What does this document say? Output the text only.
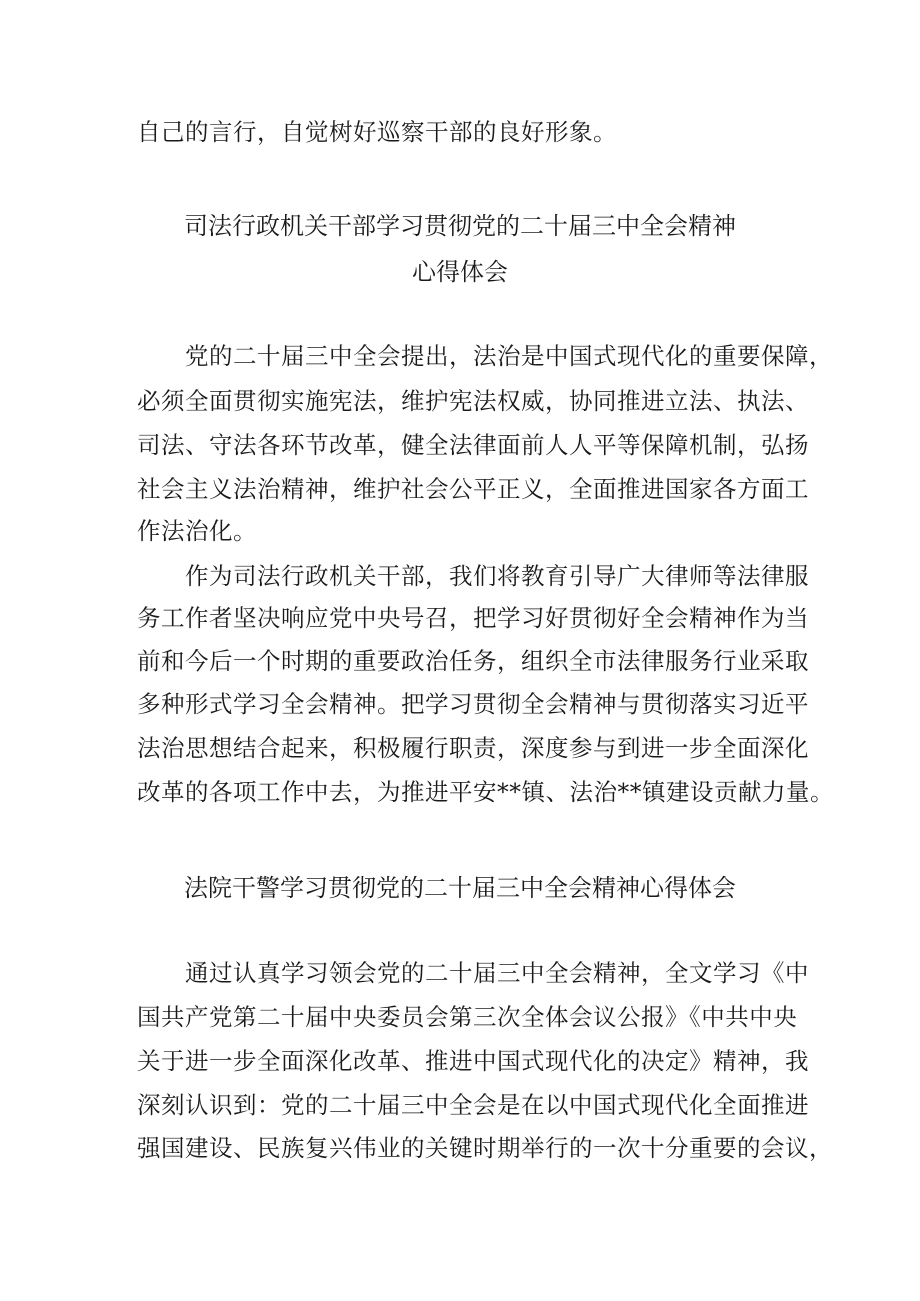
自己的言行，自觉树好巡察干部的良好形象。
司法行政机关干部学习贯彻党的二十届三中全会精神
心得体会
党的二十届三中全会提出，法治是中国式现代化的重要保障，
必须全面贯彻实施宪法，维护宪法权威，协同推进立法、执法、
司法、守法各环节改革，健全法律面前人人平等保障机制，弘扬
社会主义法治精神，维护社会公平正义，全面推进国家各方面工
作法治化。
作为司法行政机关干部，我们将教育引导广大律师等法律服
务工作者坚决响应党中央号召，把学习好贯彻好全会精神作为当
前和今后一个时期的重要政治任务，组织全市法律服务行业采取
多种形式学习全会精神。把学习贯彻全会精神与贯彻落实习近平
法治思想结合起来，积极履行职责，深度参与到进一步全面深化
改革的各项工作中去，为推进平安**镇、法治**镇建设贡献力量。
法院干警学习贯彻党的二十届三中全会精神心得体会
通过认真学习领会党的二十届三中全会精神，全文学习《中
国共产党第二十届中央委员会第三次全体会议公报》《中共中央
关于进一步全面深化改革、推进中国式现代化的决定》精神，我
深刻认识到：党的二十届三中全会是在以中国式现代化全面推进
强国建设、民族复兴伟业的关键时期举行的一次十分重要的会议，
